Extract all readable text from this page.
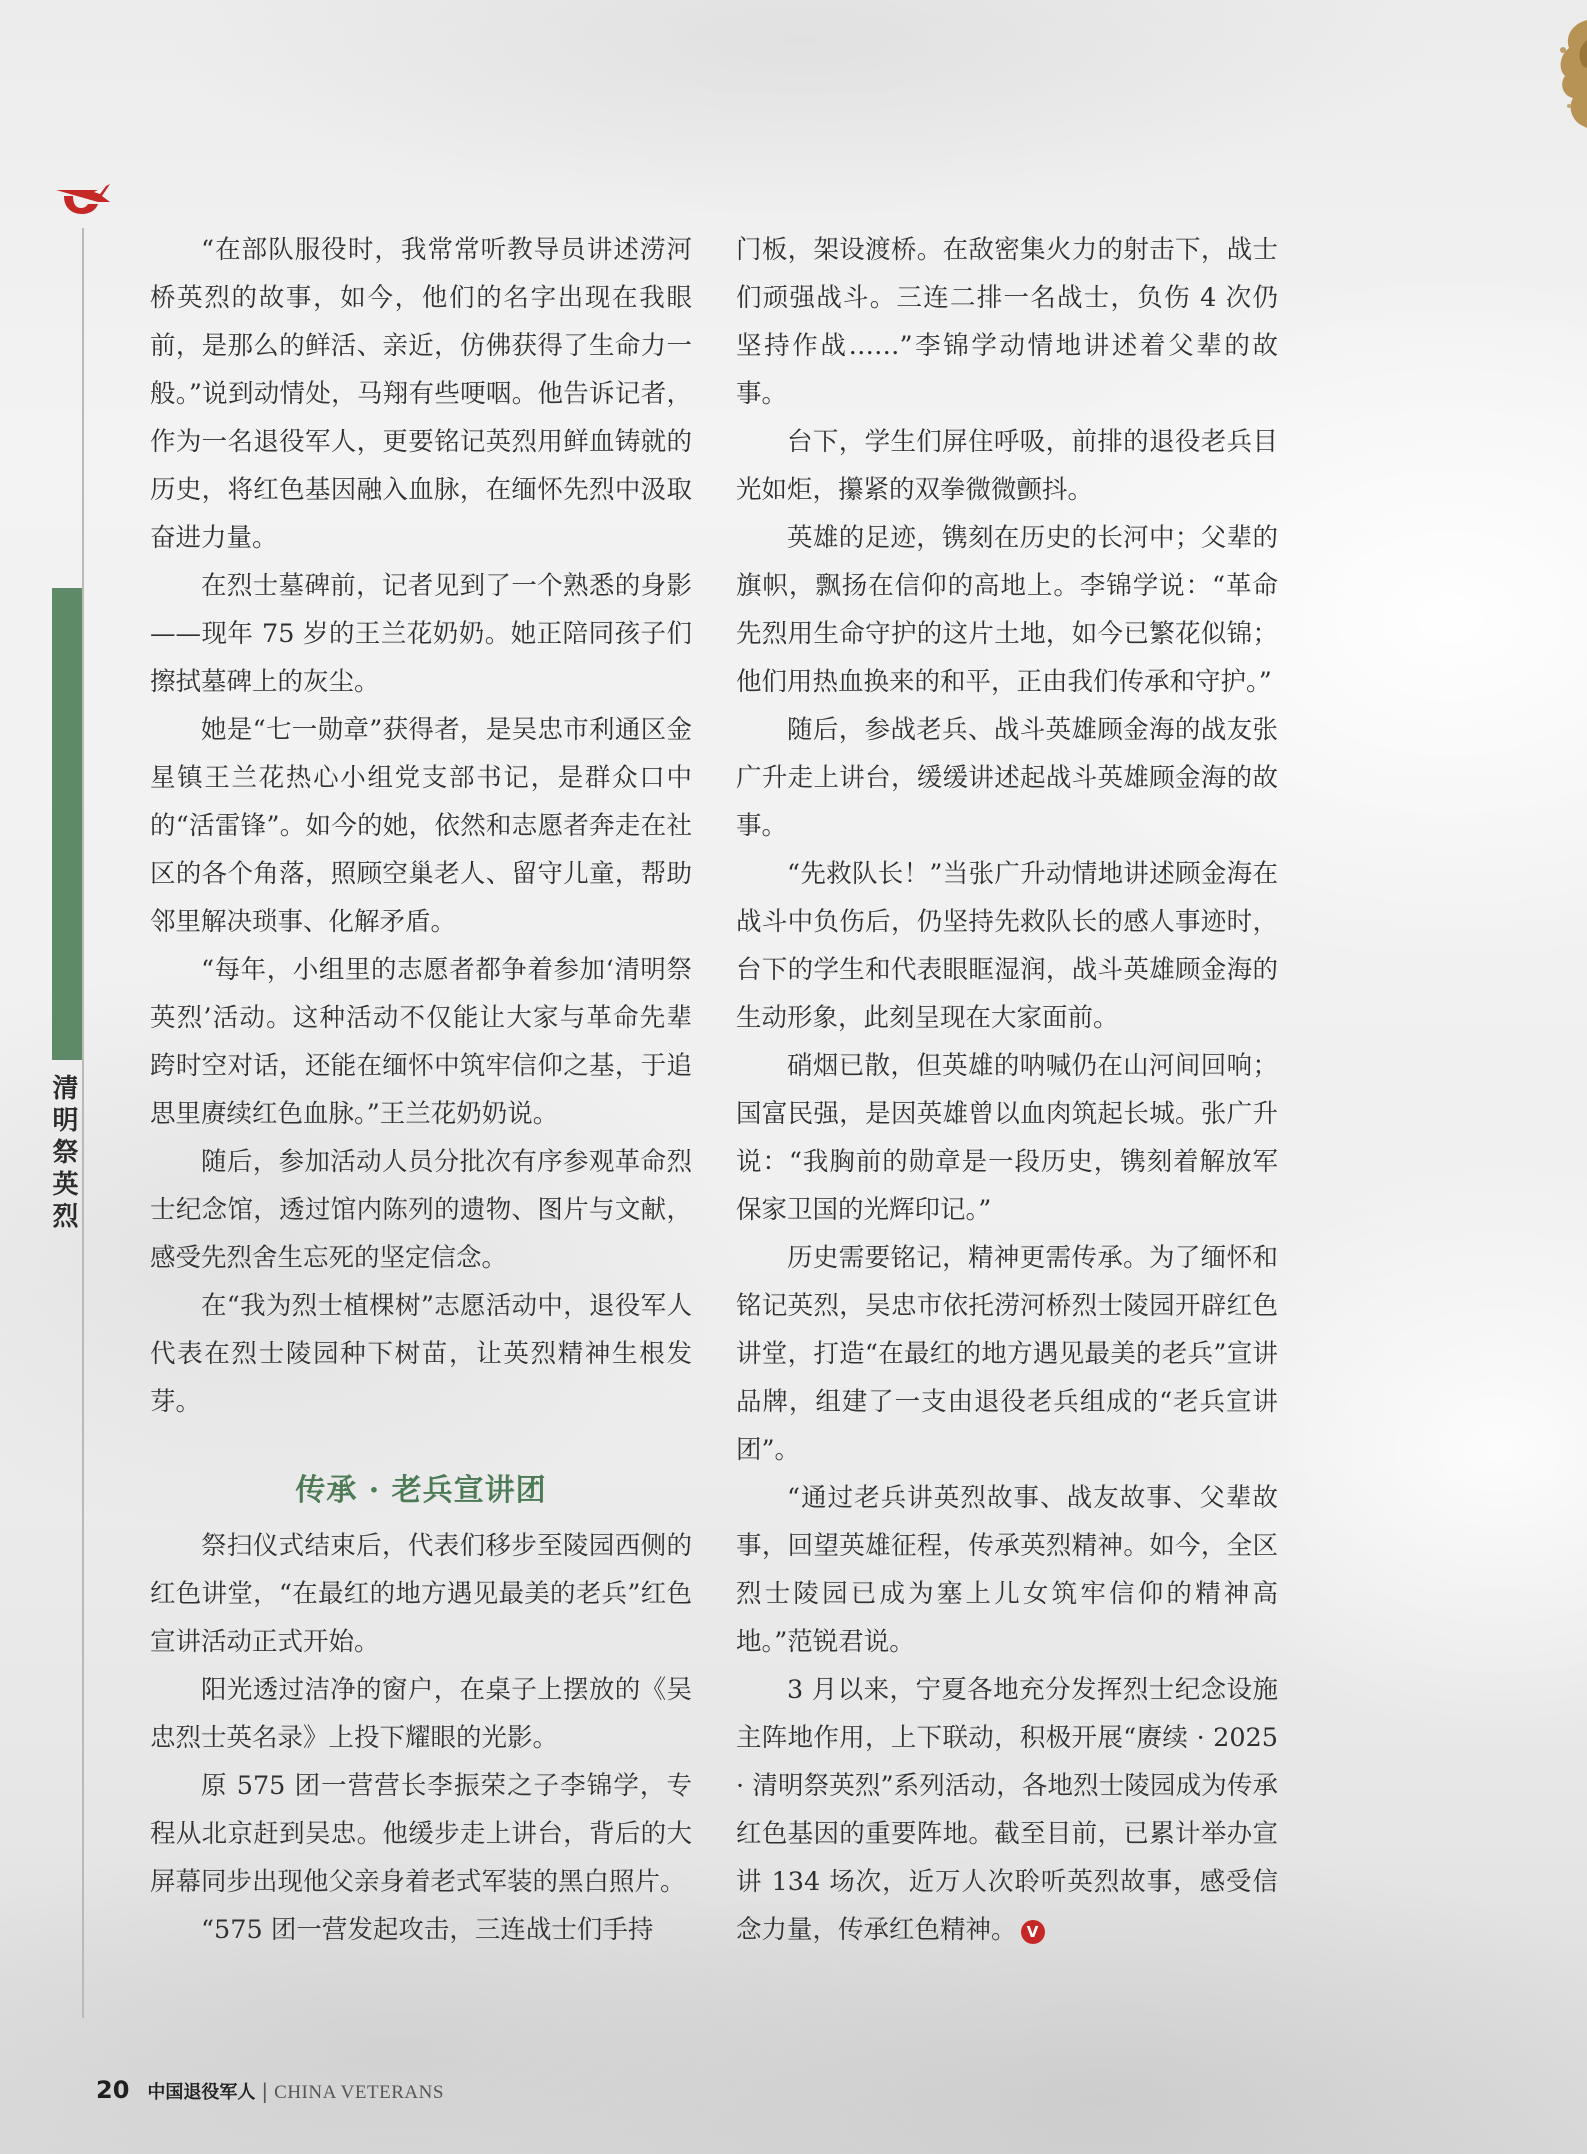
清明祭英烈

“在部队服役时，我常常听教导员讲述涝河桥英烈的故事，如今，他们的名字出现在我眼前，是那么的鲜活、亲近，仿佛获得了生命力一般。”说到动情处，马翔有些哽咽。他告诉记者，作为一名退役军人，更要铭记英烈用鲜血铸就的历史，将红色基因融入血脉，在缅怀先烈中汲取奋进力量。

在烈士墓碑前，记者见到了一个熟悉的身影——现年 75 岁的王兰花奶奶。她正陪同孩子们擦拭墓碑上的灰尘。

她是“七一勋章”获得者，是吴忠市利通区金星镇王兰花热心小组党支部书记，是群众口中的“活雷锋”。如今的她，依然和志愿者奔走在社区的各个角落，照顾空巢老人、留守儿童，帮助邻里解决琐事、化解矛盾。

“每年，小组里的志愿者都争着参加‘清明祭英烈’活动。这种活动不仅能让大家与革命先辈跨时空对话，还能在缅怀中筑牢信仰之基，于追思里赓续红色血脉。”王兰花奶奶说。

随后，参加活动人员分批次有序参观革命烈士纪念馆，透过馆内陈列的遗物、图片与文献，感受先烈舍生忘死的坚定信念。

在“我为烈士植棵树”志愿活动中，退役军人代表在烈士陵园种下树苗，让英烈精神生根发芽。

传承 · 老兵宣讲团

祭扫仪式结束后，代表们移步至陵园西侧的红色讲堂，“在最红的地方遇见最美的老兵”红色宣讲活动正式开始。

阳光透过洁净的窗户，在桌子上摆放的《吴忠烈士英名录》上投下耀眼的光影。

原 575 团一营营长李振荣之子李锦学，专程从北京赶到吴忠。他缓步走上讲台，背后的大屏幕同步出现他父亲身着老式军装的黑白照片。

“575 团一营发起攻击，三连战士们手持

门板，架设渡桥。在敌密集火力的射击下，战士们顽强战斗。三连二排一名战士，负伤 4 次仍坚持作战……”李锦学动情地讲述着父辈的故事。

台下，学生们屏住呼吸，前排的退役老兵目光如炬，攥紧的双拳微微颤抖。

英雄的足迹，镌刻在历史的长河中；父辈的旗帜，飘扬在信仰的高地上。李锦学说：“革命先烈用生命守护的这片土地，如今已繁花似锦；他们用热血换来的和平，正由我们传承和守护。”

随后，参战老兵、战斗英雄顾金海的战友张广升走上讲台，缓缓讲述起战斗英雄顾金海的故事。

“先救队长！”当张广升动情地讲述顾金海在战斗中负伤后，仍坚持先救队长的感人事迹时，台下的学生和代表眼眶湿润，战斗英雄顾金海的生动形象，此刻呈现在大家面前。

硝烟已散，但英雄的呐喊仍在山河间回响；国富民强，是因英雄曾以血肉筑起长城。张广升说：“我胸前的勋章是一段历史，镌刻着解放军保家卫国的光辉印记。”

历史需要铭记，精神更需传承。为了缅怀和铭记英烈，吴忠市依托涝河桥烈士陵园开辟红色讲堂，打造“在最红的地方遇见最美的老兵”宣讲品牌，组建了一支由退役老兵组成的“老兵宣讲团”。

“通过老兵讲英烈故事、战友故事、父辈故事，回望英雄征程，传承英烈精神。如今，全区烈士陵园已成为塞上儿女筑牢信仰的精神高地。”范锐君说。

3 月以来，宁夏各地充分发挥烈士纪念设施主阵地作用，上下联动，积极开展“赓续 · 2025 · 清明祭英烈”系列活动，各地烈士陵园成为传承红色基因的重要阵地。截至目前，已累计举办宣讲 134 场次，近万人次聆听英烈故事，感受信念力量，传承红色精神。 V

20 中国退役军人 | CHINA VETERANS
